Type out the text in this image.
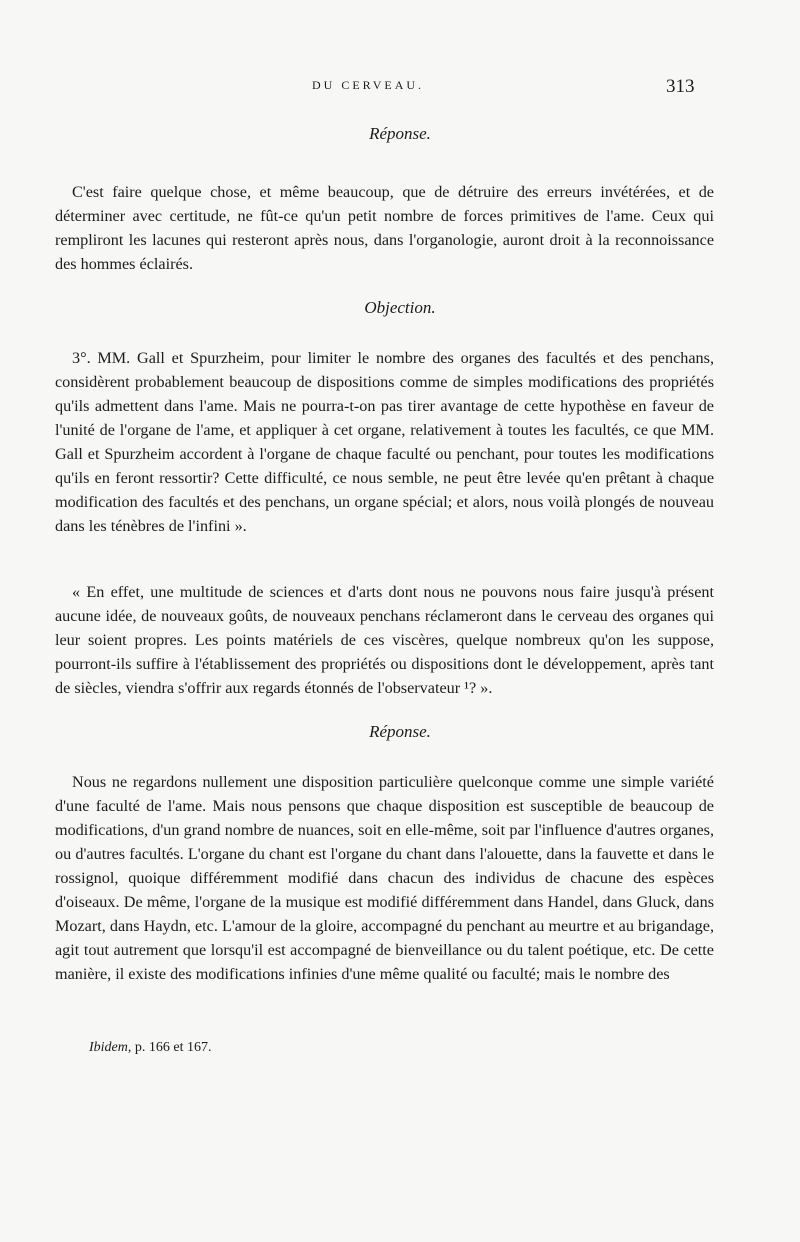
DU CERVEAU.	313
Réponse.

C'est faire quelque chose, et même beaucoup, que de détruire des erreurs invétérées, et de déterminer avec certitude, ne fût-ce qu'un petit nombre de forces primitives de l'ame. Ceux qui rempliront les lacunes qui resteront après nous, dans l'organologie, auront droit à la reconnoissance des hommes éclairés.

Objection.

3°. MM. Gall et Spurzheim, pour limiter le nombre des organes des facultés et des penchans, considèrent probablement beaucoup de dispositions comme de simples modifications des propriétés qu'ils admettent dans l'ame. Mais ne pourra-t-on pas tirer avantage de cette hypothèse en faveur de l'unité de l'organe de l'ame, et appliquer à cet organe, relativement à toutes les facultés, ce que MM. Gall et Spurzheim accordent à l'organe de chaque faculté ou penchant, pour toutes les modifications qu'ils en feront ressortir? Cette difficulté, ce nous semble, ne peut être levée qu'en prêtant à chaque modification des facultés et des penchans, un organe spécial; et alors, nous voilà plongés de nouveau dans les ténèbres de l'infini ».

« En effet, une multitude de sciences et d'arts dont nous ne pouvons nous faire jusqu'à présent aucune idée, de nouveaux goûts, de nouveaux penchans réclameront dans le cerveau des organes qui leur soient propres. Les points matériels de ces viscères, quelque nombreux qu'on les suppose, pourront-ils suffire à l'établissement des propriétés ou dispositions dont le développement, après tant de siècles, viendra s'offrir aux regards étonnés de l'observateur ¹? ».

Réponse.

Nous ne regardons nullement une disposition particulière quelconque comme une simple variété d'une faculté de l'ame. Mais nous pensons que chaque disposition est susceptible de beaucoup de modifications, d'un grand nombre de nuances, soit en elle-même, soit par l'influence d'autres organes, ou d'autres facultés. L'organe du chant est l'organe du chant dans l'alouette, dans la fauvette et dans le rossignol, quoique différemment modifié dans chacun des individus de chacune des espèces d'oiseaux. De même, l'organe de la musique est modifié différemment dans Handel, dans Gluck, dans Mozart, dans Haydn, etc. L'amour de la gloire, accompagné du penchant au meurtre et au brigandage, agit tout autrement que lorsqu'il est accompagné de bienveillance ou du talent poétique, etc. De cette manière, il existe des modifications infinies d'une même qualité ou faculté; mais le nombre des

Ibidem, p. 166 et 167.
